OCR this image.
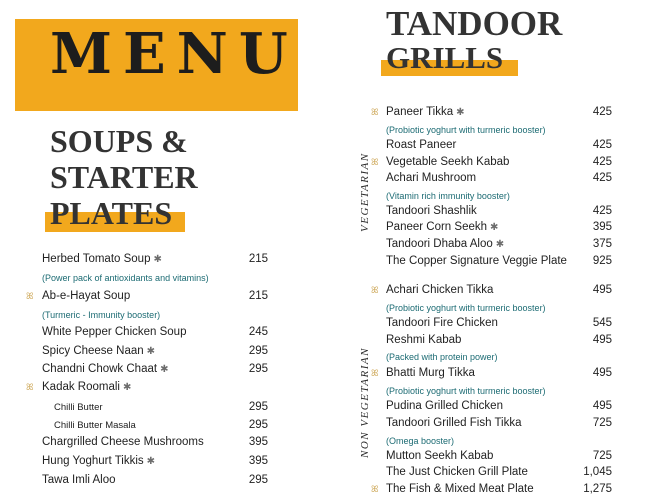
MENU
SOUPS &
STARTER
PLATES
TANDOOR
GRILLS
VEGETARIAN
NON VEGETARIAN
Herbed Tomato Soup ✱	215
(Power pack of antioxidants and vitamins)
ꕤ Ab-e-Hayat Soup	215
(Turmeric - Immunity booster)
White Pepper Chicken Soup	245
Spicy Cheese Naan ✱	295
Chandni Chowk Chaat ✱	295
ꕤ Kadak Roomali ✱
Chilli Butter	295
Chilli Butter Masala	295
Chargrilled Cheese Mushrooms	395
Hung Yoghurt Tikkis ✱	395
Tawa Imli Aloo	295
ꕤ Paneer Tikka ✱	425
(Probiotic yoghurt with turmeric booster)
Roast Paneer	425
ꕤ Vegetable Seekh Kabab	425
Achari Mushroom	425
(Vitamin rich immunity booster)
Tandoori Shashlik	425
Paneer Corn Seekh ✱	395
Tandoori Dhaba Aloo ✱	375
The Copper Signature Veggie Plate	925
ꕤ Achari Chicken Tikka	495
(Probiotic yoghurt with turmeric booster)
Tandoori Fire Chicken	545
Reshmi Kabab	495
(Packed with protein power)
ꕤ Bhatti Murg Tikka	495
(Probiotic yoghurt with turmeric booster)
Pudina Grilled Chicken	495
Tandoori Grilled Fish Tikka	725
(Omega booster)
Mutton Seekh Kabab	725
The Just Chicken Grill Plate	1,045
ꕤ The Fish & Mixed Meat Plate	1,275
